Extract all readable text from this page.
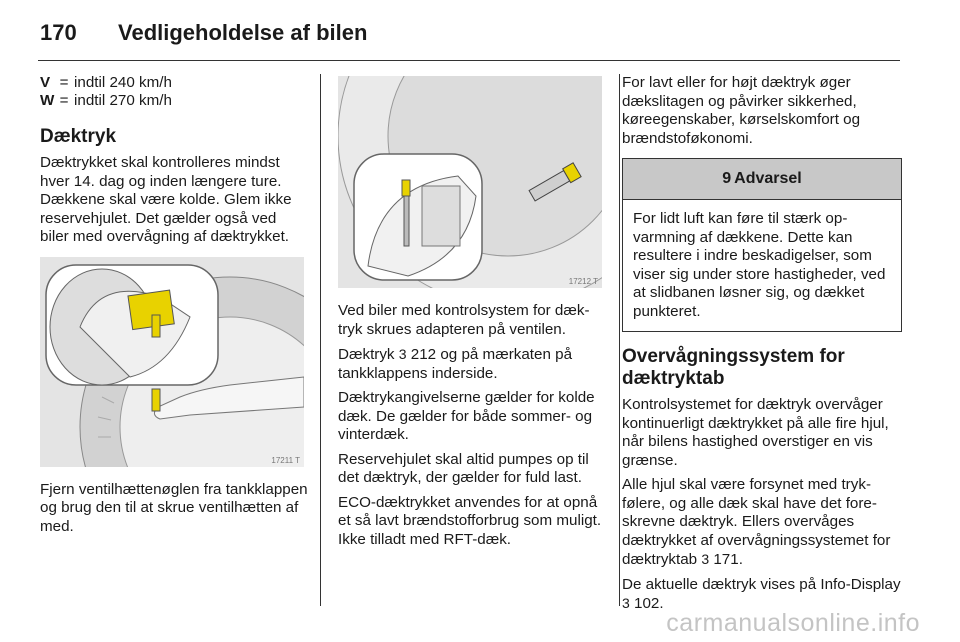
170 Vedligeholdelse af bilen
V = indtil 240 km/h
W = indtil 270 km/h
Dæktryk

Dæktrykket skal kontrolleres mindst hver 14. dag og inden længere ture. Dækkene skal være kolde. Glem ikke reservehjulet. Det gælder også ved biler med overvågning af dæktrykket.

17211 T

Fjern ventilhættenøglen fra tankklappen og brug den til at skrue ventilhætten af med.

17212 T

Ved biler med kontrolsystem for dæktryk skrues adapteren på ventilen.

Dæktryk 3 212 og på mærkaten på tankklappens inderside.

Dæktrykangivelserne gælder for kolde dæk. De gælder for både sommer- og vinterdæk.

Reservehjulet skal altid pumpes op til det dæktryk, der gælder for fuld last.

ECO-dæktrykket anvendes for at opnå et så lavt brændstofforbrug som muligt. Ikke tilladt med RFT-dæk.

For lavt eller for højt dæktryk øger dækslitagen og påvirker sikkerhed, køreegenskaber, kørselskomfort og brændstoføkonomi.

9 Advarsel

For lidt luft kan føre til stærk opvarmning af dækkene. Dette kan resultere i indre beskadigelser, som viser sig under store hastigheder, ved at slidbanen løsner sig, og dækket punkteret.

Overvågningssystem for dæktryktab

Kontrolsystemet for dæktryk overvåger kontinuerligt dæktrykket på alle fire hjul, når bilens hastighed overstiger en vis grænse.

Alle hjul skal være forsynet med trykfølere, og alle dæk skal have det foreskrevne dæktryk. Ellers overvåges dæktrykket af overvågningssystemet for dæktryktab 3 171.

De aktuelle dæktryk vises på Info-Display 3 102.

carmanualsonline.info
